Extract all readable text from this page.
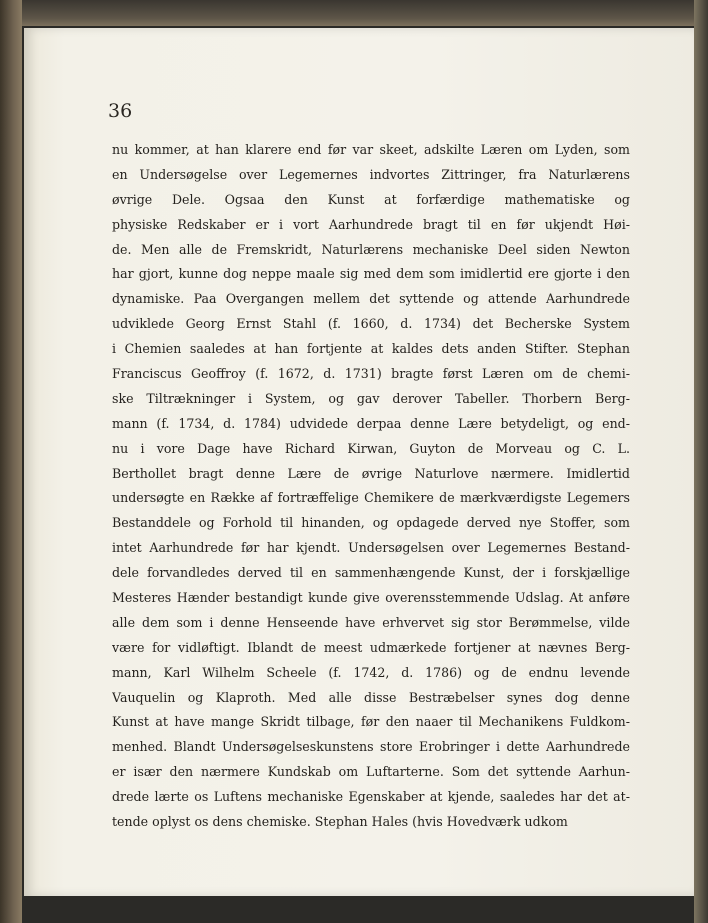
36
nu kommer, at han klarere end før var skeet, adskilte Læren om Lyden, som
en Undersøgelse over Legemernes indvortes Zittringer, fra Naturlærens
øvrige Dele. Ogsaa den Kunst at forfærdige mathematiske og
physiske Redskaber er i vort Aarhundrede bragt til en før ukjendt Høi-
de. Men alle de Fremskridt, Naturlærens mechaniske Deel siden Newton
har gjort, kunne dog neppe maale sig med dem som imidlertid ere gjorte i den
dynamiske. Paa Overgangen mellem det syttende og attende Aarhundrede
udviklede Georg Ernst Stahl (f. 1660, d. 1734) det Becherske System
i Chemien saaledes at han fortjente at kaldes dets anden Stifter. Stephan
Franciscus Geoffroy (f. 1672, d. 1731) bragte først Læren om de chemi-
ske Tiltrækninger i System, og gav derover Tabeller. Thorbern Berg-
mann (f. 1734, d. 1784) udvidede derpaa denne Lære betydeligt, og end-
nu i vore Dage have Richard Kirwan, Guyton de Morveau og C. L.
Berthollet bragt denne Lære de øvrige Naturlove nærmere. Imidlertid
undersøgte en Række af fortræffelige Chemikere de mærkværdigste Legemers
Bestanddele og Forhold til hinanden, og opdagede derved nye Stoffer, som
intet Aarhundrede før har kjendt. Undersøgelsen over Legemernes Bestand-
dele forvandledes derved til en sammenhængende Kunst, der i forskjællige
Mesteres Hænder bestandigt kunde give overensstemmende Udslag. At anføre
alle dem som i denne Henseende have erhvervet sig stor Berømmelse, vilde
være for vidløftigt. Iblandt de meest udmærkede fortjener at nævnes Berg-
mann, Karl Wilhelm Scheele (f. 1742, d. 1786) og de endnu levende
Vauquelin og Klaproth. Med alle disse Bestræbelser synes dog denne
Kunst at have mange Skridt tilbage, før den naaer til Mechanikens Fuldkom-
menhed. Blandt Undersøgelseskunstens store Erobringer i dette Aarhundrede
er især den nærmere Kundskab om Luftarterne. Som det syttende Aarhun-
drede lærte os Luftens mechaniske Egenskaber at kjende, saaledes har det at-
tende oplyst os dens chemiske. Stephan Hales (hvis Hovedværk udkom
